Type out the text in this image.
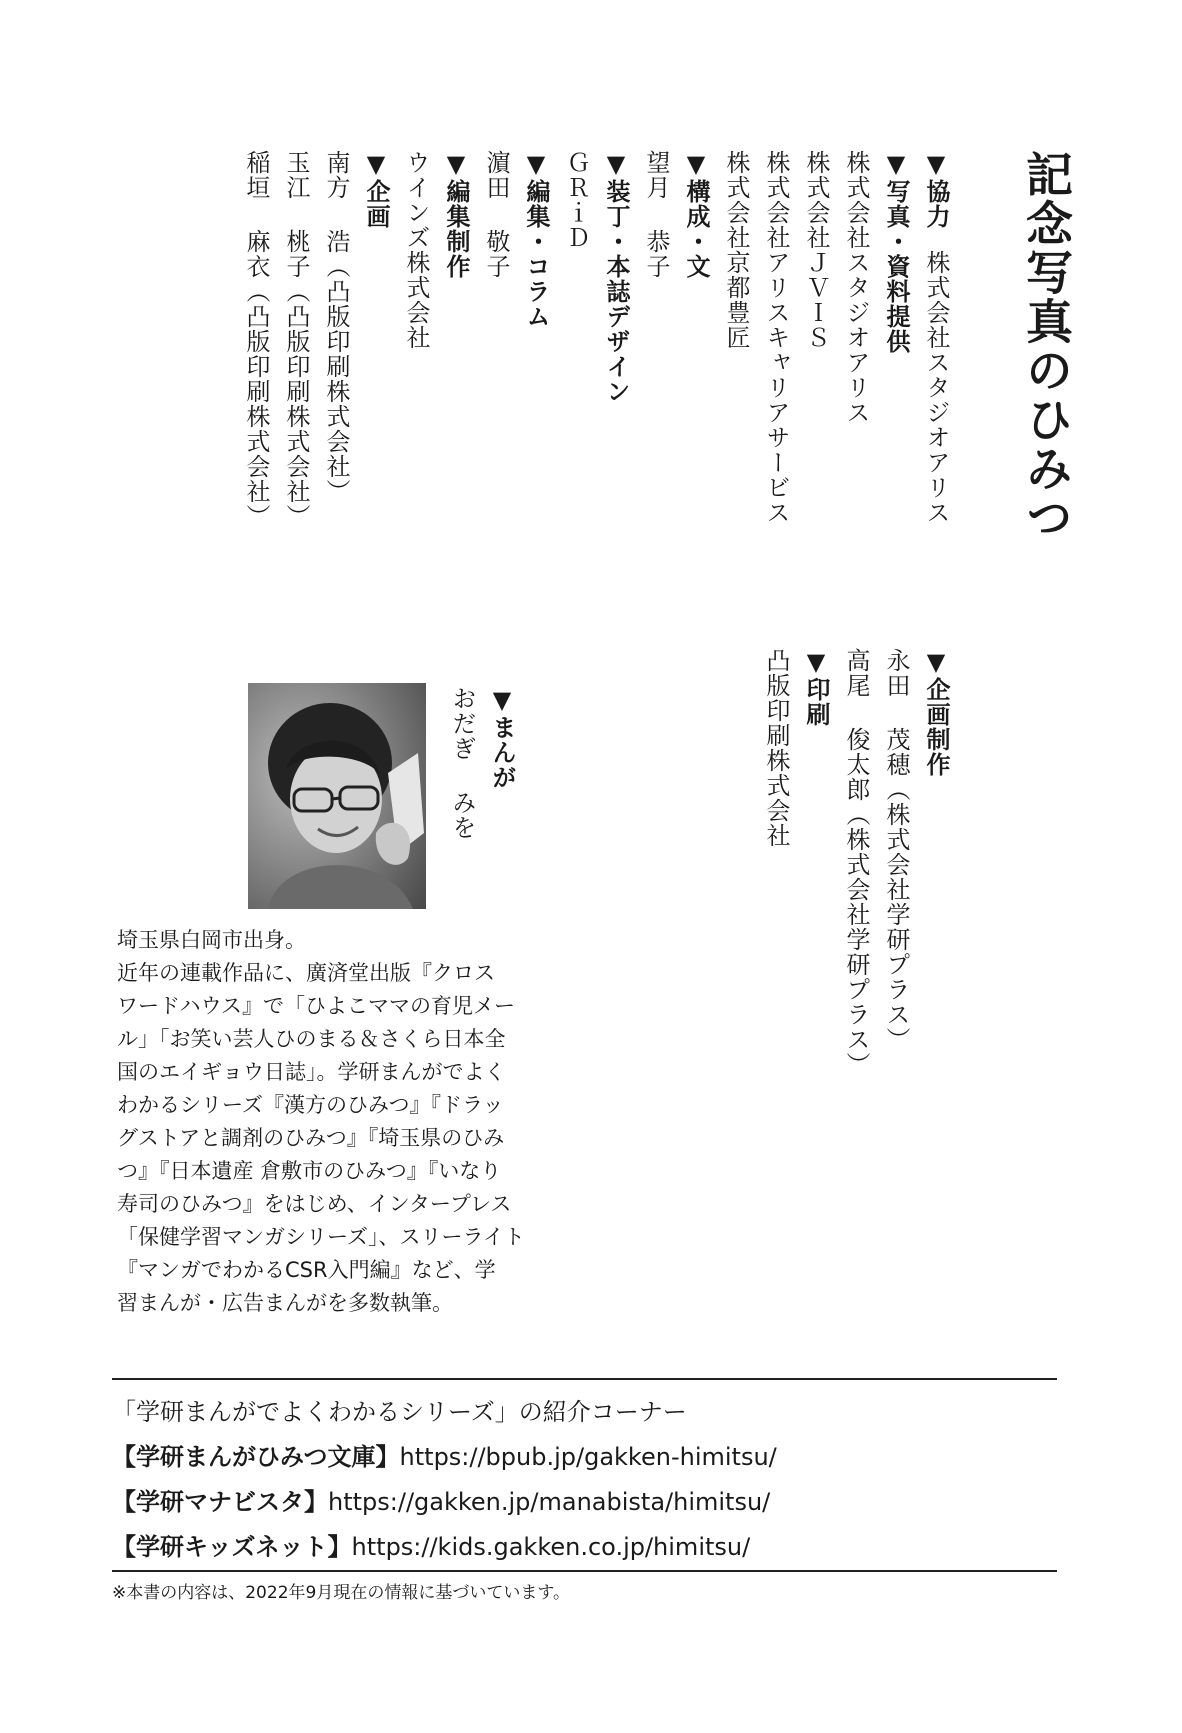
記念写真のひみつ
▼協力
株式会社スタジオアリス
▼写真・資料提供
株式会社スタジオアリス
株式会社ＪＶＩＳ
株式会社アリスキャリアサービス
株式会社京都豊匠
▼構成・文
望月 恭子
▼装丁・本誌デザイン
ＧＲｉＤ
▼編集・コラム
濵田 敬子
▼編集制作
ウインズ株式会社
▼企画
南方 浩（凸版印刷株式会社）
玉江 桃子（凸版印刷株式会社）
稲垣 麻衣（凸版印刷株式会社）
▼企画制作
永田 茂穂（株式会社学研プラス）
高尾 俊太郎（株式会社学研プラス）
▼印刷
凸版印刷株式会社
▼まんが
おだぎ みを

埼玉県白岡市出身。

近年の連載作品に、廣済堂出版『クロス

ワードハウス』で「ひよこママの育児メー

ル」「お笑い芸人ひのまる＆さくら日本全

国のエイギョウ日誌」。学研まんがでよく

わかるシリーズ『漢方のひみつ』『ドラッ

グストアと調剤のひみつ』『埼玉県のひみ

つ』『日本遺産 倉敷市のひみつ』『いなり

寿司のひみつ』をはじめ、インタープレス

「保健学習マンガシリーズ」、スリーライト

『マンガでわかるCSR入門編』など、学

習まんが・広告まんがを多数執筆。

「学研まんがでよくわかるシリーズ」の紹介コーナー

【学研まんがひみつ文庫】https://bpub.jp/gakken-himitsu/

【学研マナビスタ】https://gakken.jp/manabista/himitsu/

【学研キッズネット】https://kids.gakken.co.jp/himitsu/

※本書の内容は、2022年9月現在の情報に基づいています。
